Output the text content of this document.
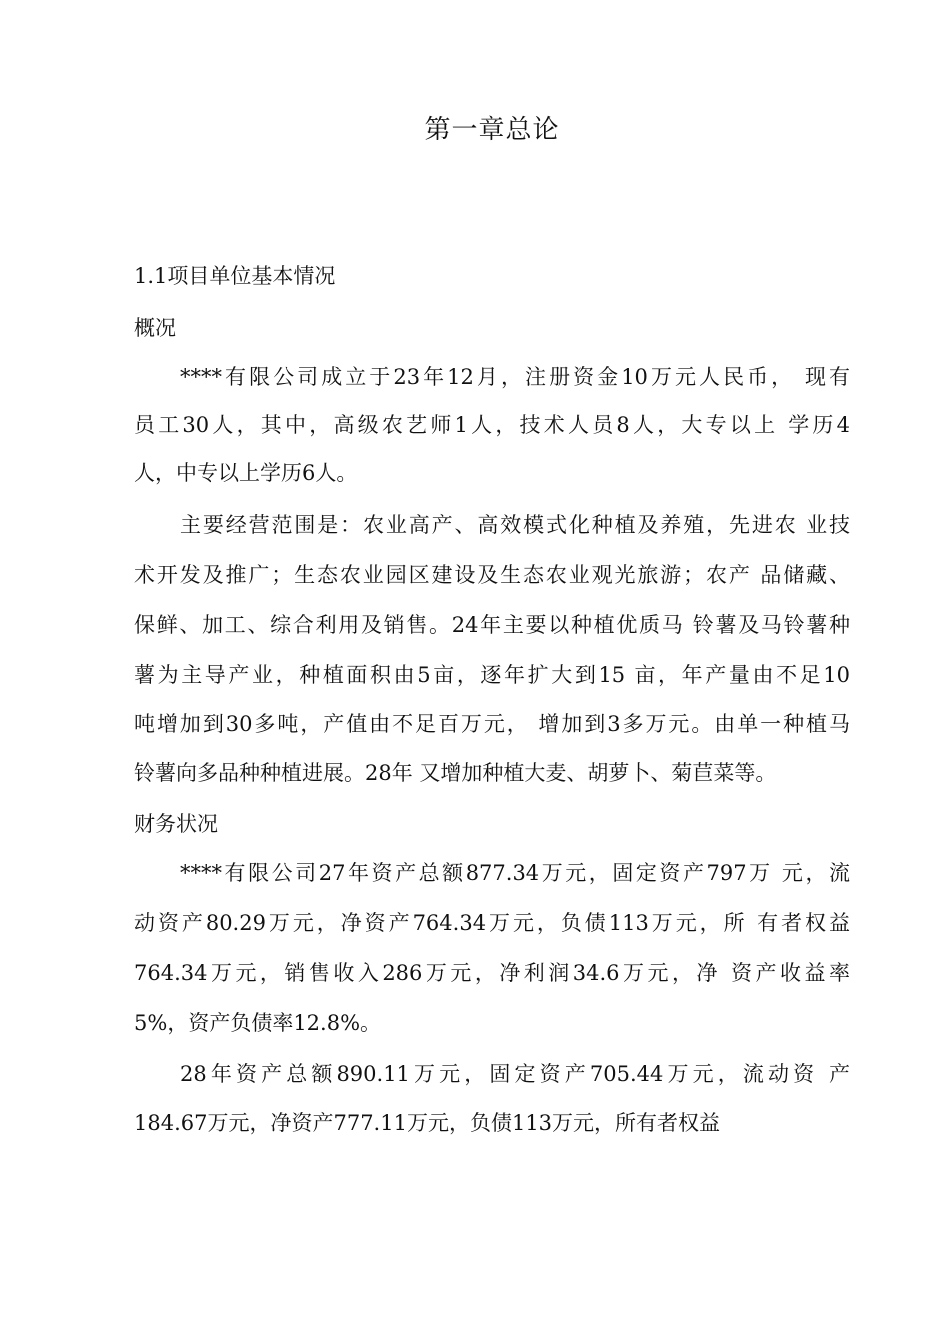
第一章总论
1.1项目单位基本情况
概况
****有限公司成立于23年12月，注册资金10万元人民币， 现有
员工30人，其中，高级农艺师1人，技术人员8人，大专以上 学历4
人，中专以上学历6人。
主要经营范围是：农业高产、高效模式化种植及养殖，先进农 业技
术开发及推广；生态农业园区建设及生态农业观光旅游；农产 品储藏、
保鲜、加工、综合利用及销售。24年主要以种植优质马 铃薯及马铃薯种
薯为主导产业，种植面积由5亩，逐年扩大到15 亩，年产量由不足10
吨增加到30多吨，产值由不足百万元， 增加到3多万元。由单一种植马
铃薯向多品种种植进展。28年 又增加种植大麦、胡萝卜、菊苣菜等。
财务状况
****有限公司27年资产总额877.34万元，固定资产797万 元，流
动资产80.29万元，净资产764.34万元，负债113万元，所 有者权益
764.34万元，销售收入286万元，净利润34.6万元，净 资产收益率
5%，资产负债率12.8%。
28年资产总额890.11万元，固定资产705.44万元，流动资 产
184.67万元，净资产777.11万元，负债113万元，所有者权益
